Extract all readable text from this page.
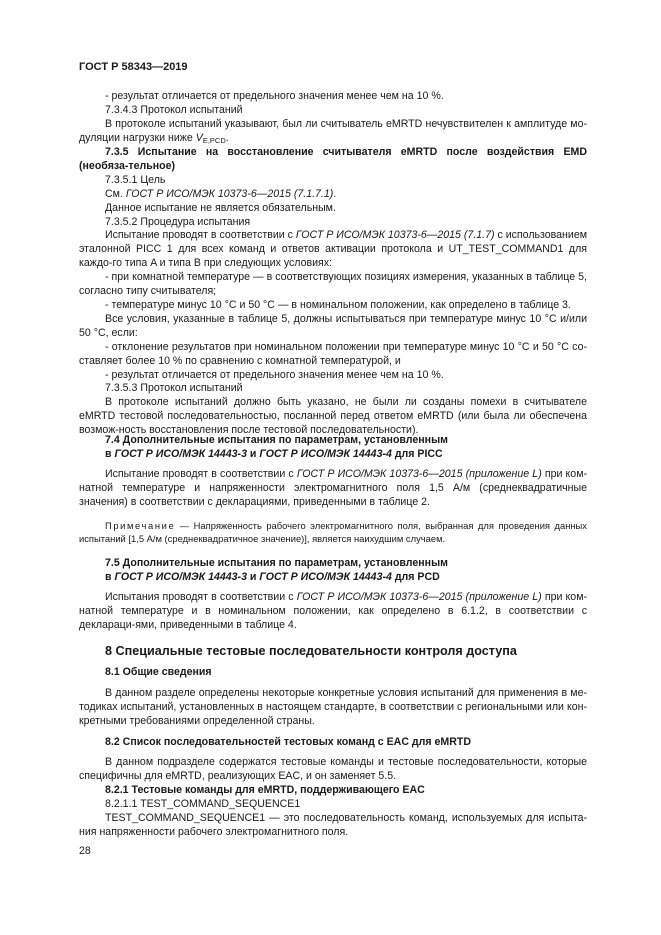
ГОСТ Р 58343—2019

- результат отличается от предельного значения менее чем на 10 %.

7.3.4.3 Протокол испытаний

В протоколе испытаний указывают, был ли считыватель eMRTD нечувствителен к амплитуде мо-дуляции нагрузки ниже $V_{E,PCD}$.

7.3.5 Испытание на восстановление считывателя eMRTD после воздействия EMD (необяза-тельное)

7.3.5.1 Цель

См. ГОСТ Р ИСО/МЭК 10373-6—2015 (7.1.7.1).

Данное испытание не является обязательным.

7.3.5.2 Процедура испытания

Испытание проводят в соответствии с ГОСТ Р ИСО/МЭК 10373-6—2015 (7.1.7) с использованием эталонной PICC 1 для всех команд и ответов активации протокола и UT_TEST_COMMAND1 для каждо-го типа A и типа B при следующих условиях:

- при комнатной температуре — в соответствующих позициях измерения, указанных в таблице 5, согласно типу считывателя;

- температуре минус 10 °С и 50 °С — в номинальном положении, как определено в таблице 3.

Все условия, указанные в таблице 5, должны испытываться при температуре минус 10 °С и/или 50 °С, если:

- отклонение результатов при номинальном положении при температуре минус 10 °С и 50 °С со-ставляет более 10 % по сравнению с комнатной температурой, и

- результат отличается от предельного значения менее чем на 10 %.

7.3.5.3 Протокол испытаний

В протоколе испытаний должно быть указано, не были ли созданы помехи в считывателе eMRTD тестовой последовательностью, посланной перед ответом eMRTD (или была ли обеспечена возмож-ность восстановления после тестовой последовательности).

7.4 Дополнительные испытания по параметрам, установленным

в ГОСТ Р ИСО/МЭК 14443-3 и ГОСТ Р ИСО/МЭК 14443-4 для PICC

Испытание проводят в соответствии с ГОСТ Р ИСО/МЭК 10373-6—2015 (приложение L) при ком-натной температуре и напряженности электромагнитного поля 1,5 А/м (среднеквадратичные значения) в соответствии с декларациями, приведенными в таблице 2.

Примечание — Напряженность рабочего электромагнитного поля, выбранная для проведения данных испытаний [1,5 А/м (среднеквадратичное значение)], является наихудшим случаем.

7.5 Дополнительные испытания по параметрам, установленным

в ГОСТ Р ИСО/МЭК 14443-3 и ГОСТ Р ИСО/МЭК 14443-4 для PCD

Испытания проводят в соответствии с ГОСТ Р ИСО/МЭК 10373-6—2015 (приложение L) при ком-натной температуре и в номинальном положении, как определено в 6.1.2, в соответствии с деклараци-ями, приведенными в таблице 4.

8 Специальные тестовые последовательности контроля доступа

8.1 Общие сведения

В данном разделе определены некоторые конкретные условия испытаний для применения в ме-тодиках испытаний, установленных в настоящем стандарте, в соответствии с региональными или кон-кретными требованиями определенной страны.

8.2 Список последовательностей тестовых команд с EAC для eMRTD

В данном подразделе содержатся тестовые команды и тестовые последовательности, которые специфичны для eMRTD, реализующих EAC, и он заменяет 5.5.

8.2.1 Тестовые команды для eMRTD, поддерживающего EAC

8.2.1.1 TEST_COMMAND_SEQUENCE1

TEST_COMMAND_SEQUENCE1 — это последовательность команд, используемых для испыта-ния напряженности рабочего электромагнитного поля.

28
